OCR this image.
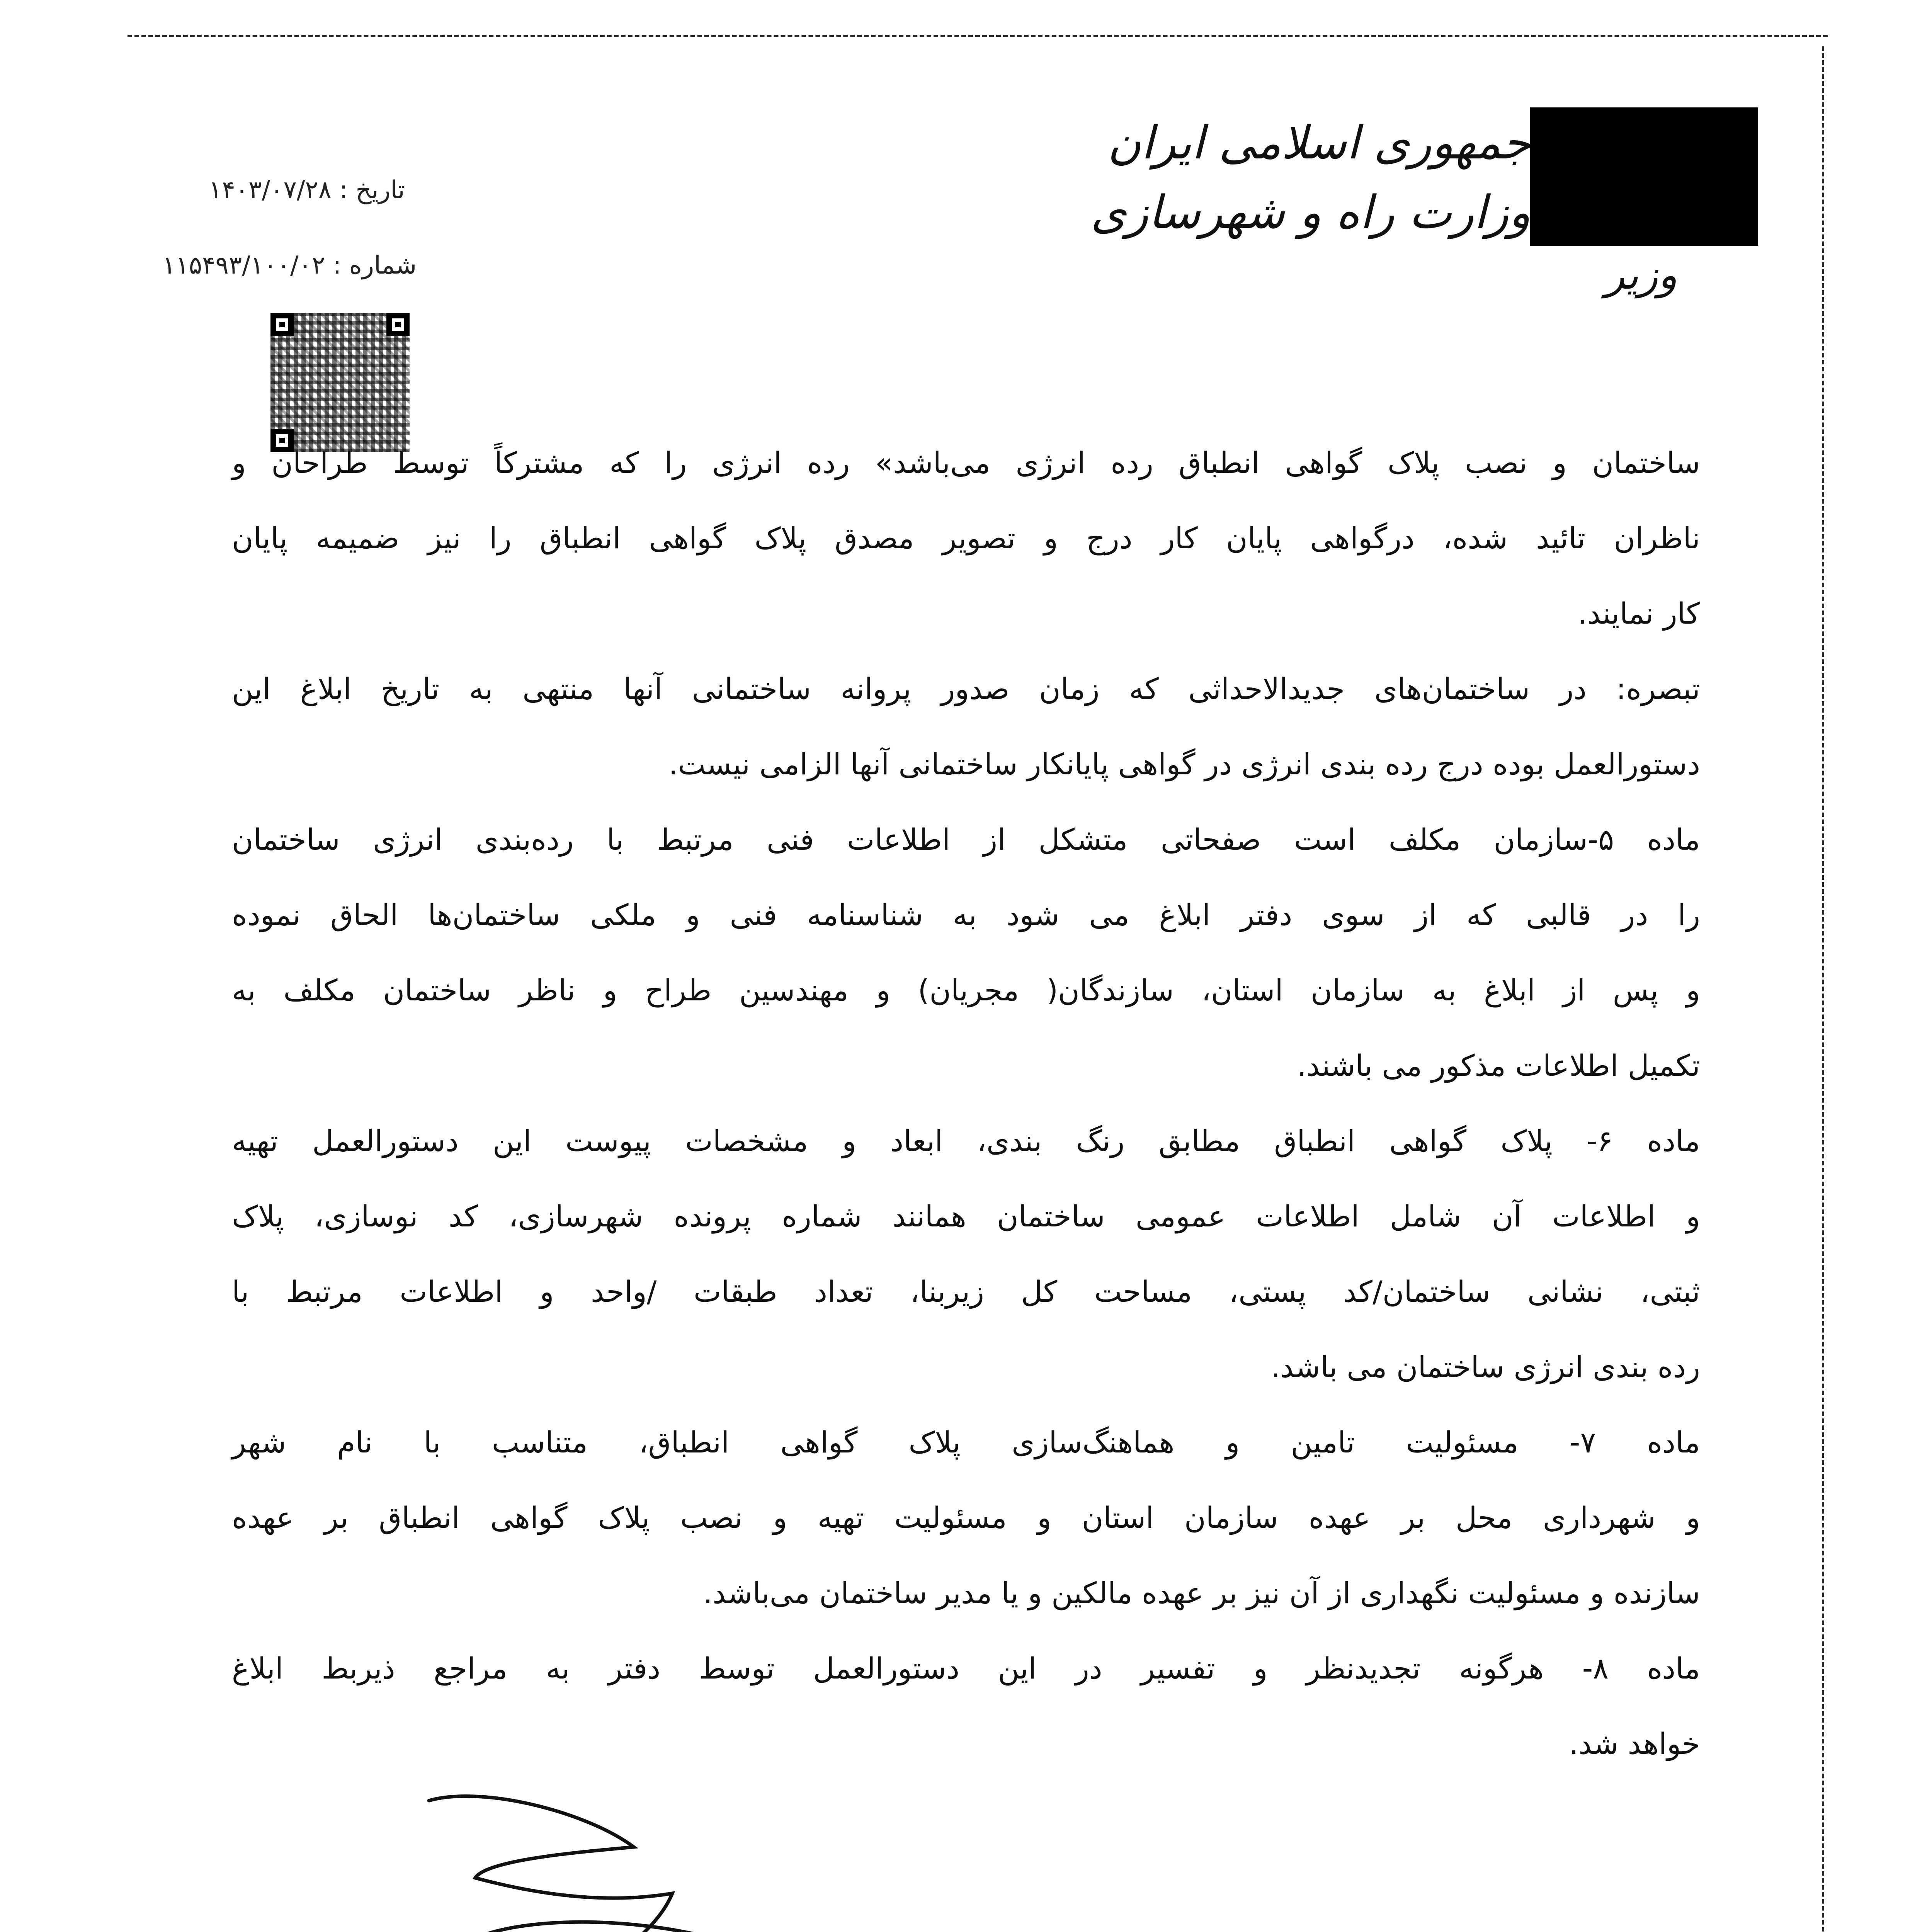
جمهوری اسلامی ایران
وزارت راه و شهرسازی
وزیر
تاریخ : ۱۴۰۳/۰۷/۲۸
شماره : ۱۱۵۴۹۳/۱۰۰/۰۲
ساختمان و نصب پلاک گواهی انطباق رده انرژی می‌باشد» رده انرژی را که مشترکاً توسط طراحان و
ناظران تائید شده، درگواهی پایان کار درج و تصویر مصدق پلاک گواهی انطباق را نیز ضمیمه پایان
کار نمایند.
تبصره: در ساختمان‌های جدیدالاحداثی که زمان صدور پروانه ساختمانی آنها منتهی به تاریخ ابلاغ این
دستورالعمل بوده درج رده بندی انرژی در گواهی پایانکار ساختمانی آنها الزامی نیست.
ماده ۵-سازمان مکلف است صفحاتی متشکل از اطلاعات فنی مرتبط با رده‌بندی انرژی ساختمان
را در قالبی که از سوی دفتر ابلاغ می شود به شناسنامه فنی و ملکی ساختمان‌ها الحاق نموده
و پس از ابلاغ به سازمان استان، سازندگان( مجریان) و مهندسین طراح و ناظر ساختمان مکلف به
تکمیل اطلاعات مذکور می باشند.
ماده ۶- پلاک گواهی انطباق مطابق رنگ بندی، ابعاد و مشخصات پیوست این دستورالعمل تهیه
و اطلاعات آن شامل اطلاعات عمومی ساختمان همانند شماره پرونده شهرسازی، کد نوسازی، پلاک
ثبتی، نشانی ساختمان/کد پستی، مساحت کل زیربنا، تعداد طبقات /واحد و اطلاعات مرتبط با
رده بندی انرژی ساختمان می باشد.
ماده ۷- مسئولیت تامین و هماهنگ‌سازی پلاک گواهی انطباق، متناسب با نام شهر
و شهرداری محل بر عهده سازمان استان و مسئولیت تهیه و نصب پلاک گواهی انطباق بر عهده
سازنده و مسئولیت نگهداری از آن نیز بر عهده مالکین و یا مدیر ساختمان می‌باشد.
ماده ۸- هرگونه تجدیدنظر و تفسیر در این دستورالعمل توسط دفتر به مراجع ذیربط ابلاغ
خواهد شد.
